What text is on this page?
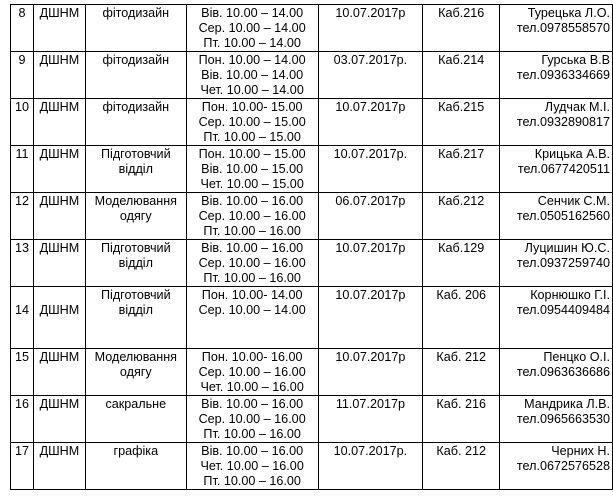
8	ДШНМ	фітодизайн	Вів. 10.00 – 14.00
Сер. 10.00 – 14.00
Пт. 10.00 – 14.00	10.07.2017р	Каб.216	Турецька Л.О.
тел.0978558570

9	ДШНМ	фітодизайн	Пон. 10.00 – 14.00
Вів. 10.00 – 14.00
Чет. 10.00 – 14.00	03.07.2017р.	Каб.214	Гурська В.В
тел.0936334669

10	ДШНМ	фітодизайн	Пон. 10.00- 15.00
Сер. 10.00 – 15.00
Пт. 10.00 – 15.00	10.07.2017р	Каб.215	Лудчак М.І.
тел.0932890817

11	ДШНМ	Підготовчий
відділ	Пон. 10.00 – 15.00
Вів. 10.00 – 15.00
Чет. 10.00 – 15.00	10.07.2017р.	Каб.217	Крицька А.В.
тел.0677420511

12	ДШНМ	Моделювання
одягу	Вів. 10.00 – 16.00
Сер. 10.00 – 16.00
Пт. 10.00 – 16.00	06.07.2017р	Каб.212	Сенчик С.М.
тел.0505162560

13	ДШНМ	Підготовчий
відділ	Вів. 10.00 – 16.00
Сер. 10.00 – 16.00
Пт. 10.00 – 16.00	10.07.2017р	Каб.129	Луцишин Ю.С.
тел.0937259740

14	ДШНМ	Підготовчий
відділ	Пон. 10.00- 14.00
Сер. 10.00 – 14.00	10.07.2017р	Каб. 206	Корнюшко Г.І.
тел.0954409484

15	ДШНМ	Моделювання
одягу	Пон. 10.00- 16.00
Сер. 10.00 – 16.00
Чет. 10.00 – 16.00	10.07.2017р	Каб. 212	Пенцко О.І.
тел.0963636686

16	ДШНМ	сакральне	Вів. 10.00 – 16.00
Сер. 10.00 – 16.00
Пт. 10.00 – 16.00	11.07.2017р	Каб. 216	Мандрика Л.В.
тел.0965663530

17	ДШНМ	графіка	Вів. 10.00 – 16.00
Чет. 10.00 – 16.00
Пт. 10.00 – 16.00	10.07.2017р.	Каб. 212	Черних Н.
тел.0672576528
